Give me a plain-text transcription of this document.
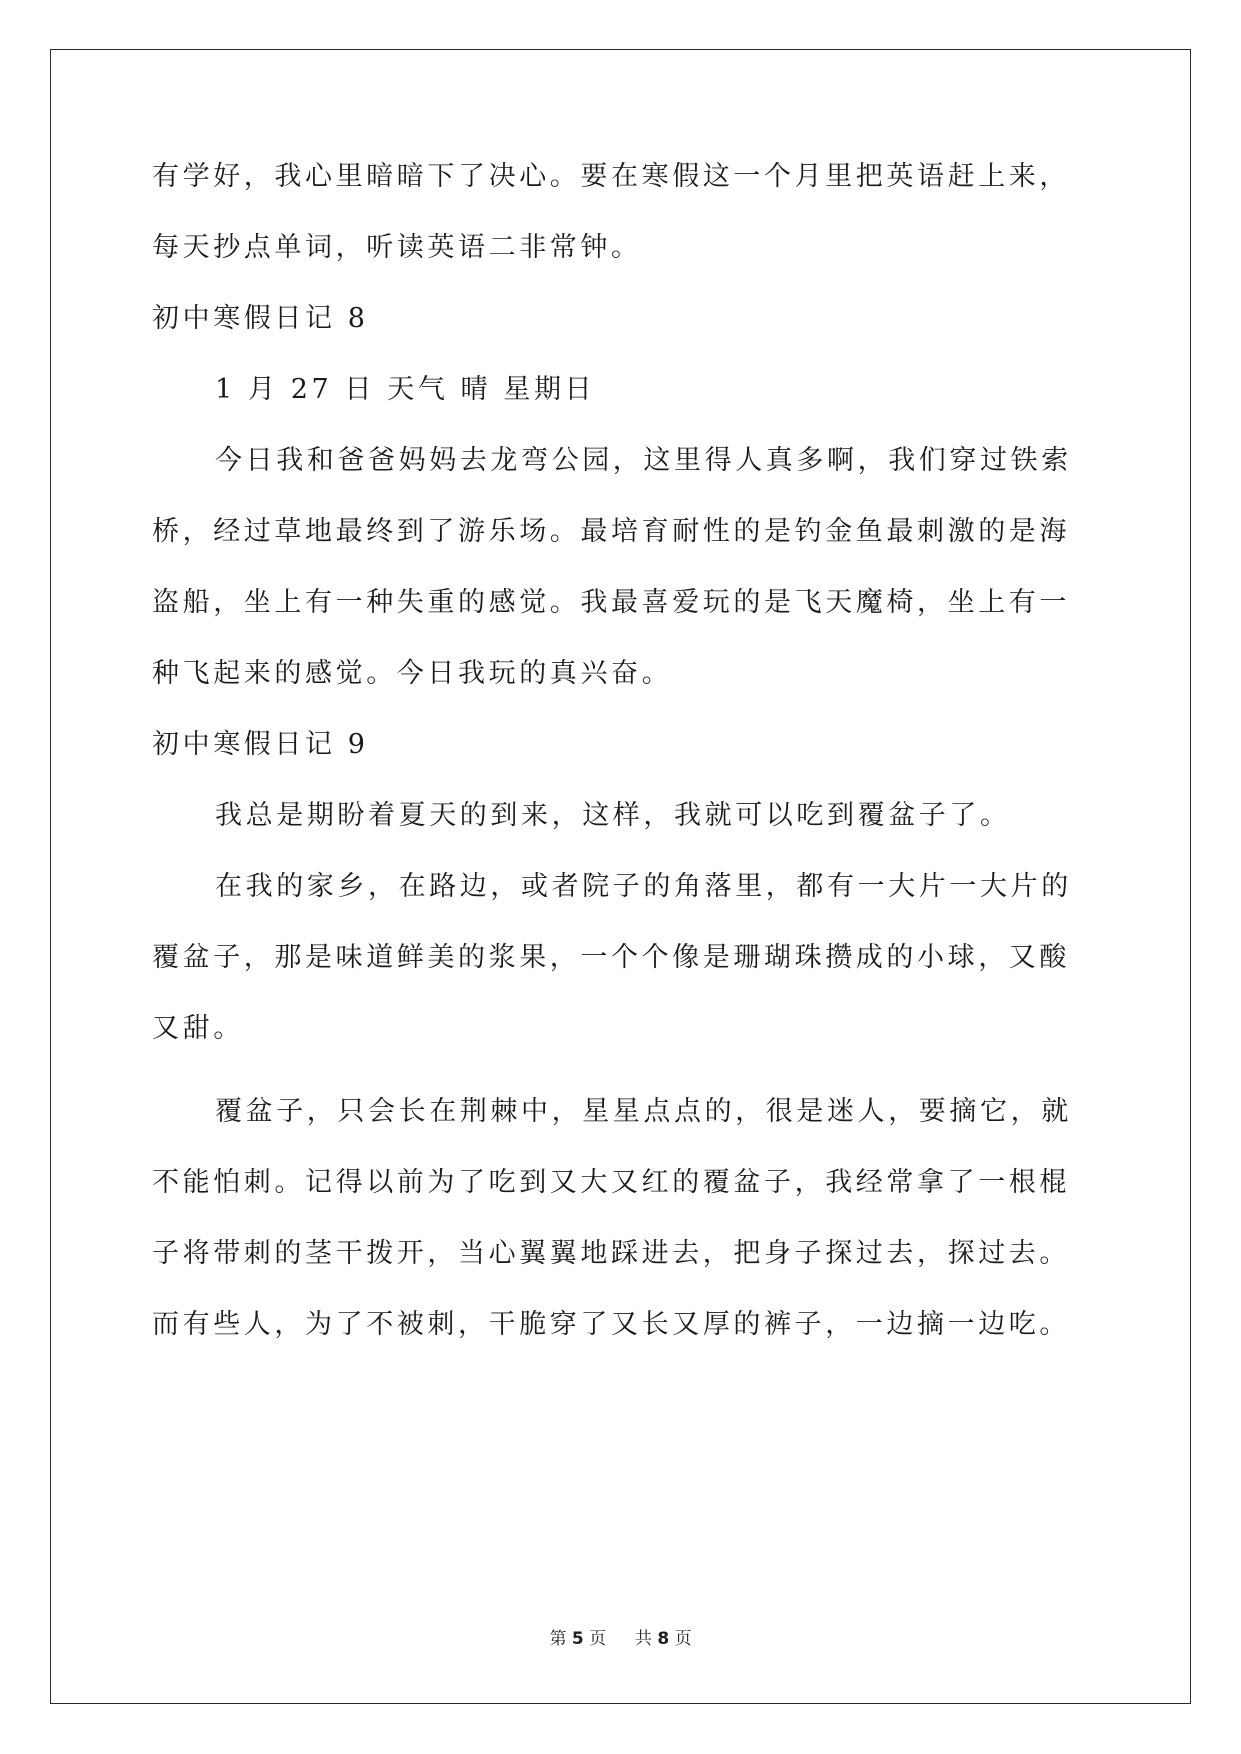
有学好，我心里暗暗下了决心。要在寒假这一个月里把英语赶上来，
每天抄点单词，听读英语二非常钟。
初中寒假日记 8
1 月 27 日 天气 晴 星期日
今日我和爸爸妈妈去龙弯公园，这里得人真多啊，我们穿过铁索
桥，经过草地最终到了游乐场。最培育耐性的是钓金鱼最刺激的是海
盗船，坐上有一种失重的感觉。我最喜爱玩的是飞天魔椅，坐上有一
种飞起来的感觉。今日我玩的真兴奋。
初中寒假日记 9
我总是期盼着夏天的到来，这样，我就可以吃到覆盆子了。
在我的家乡，在路边，或者院子的角落里，都有一大片一大片的
覆盆子，那是味道鲜美的浆果，一个个像是珊瑚珠攒成的小球，又酸
又甜。
覆盆子，只会长在荆棘中，星星点点的，很是迷人，要摘它，就
不能怕刺。记得以前为了吃到又大又红的覆盆子，我经常拿了一根棍
子将带刺的茎干拨开，当心翼翼地踩进去，把身子探过去，探过去。
而有些人，为了不被刺，干脆穿了又长又厚的裤子，一边摘一边吃。
第 5 页 共 8 页
